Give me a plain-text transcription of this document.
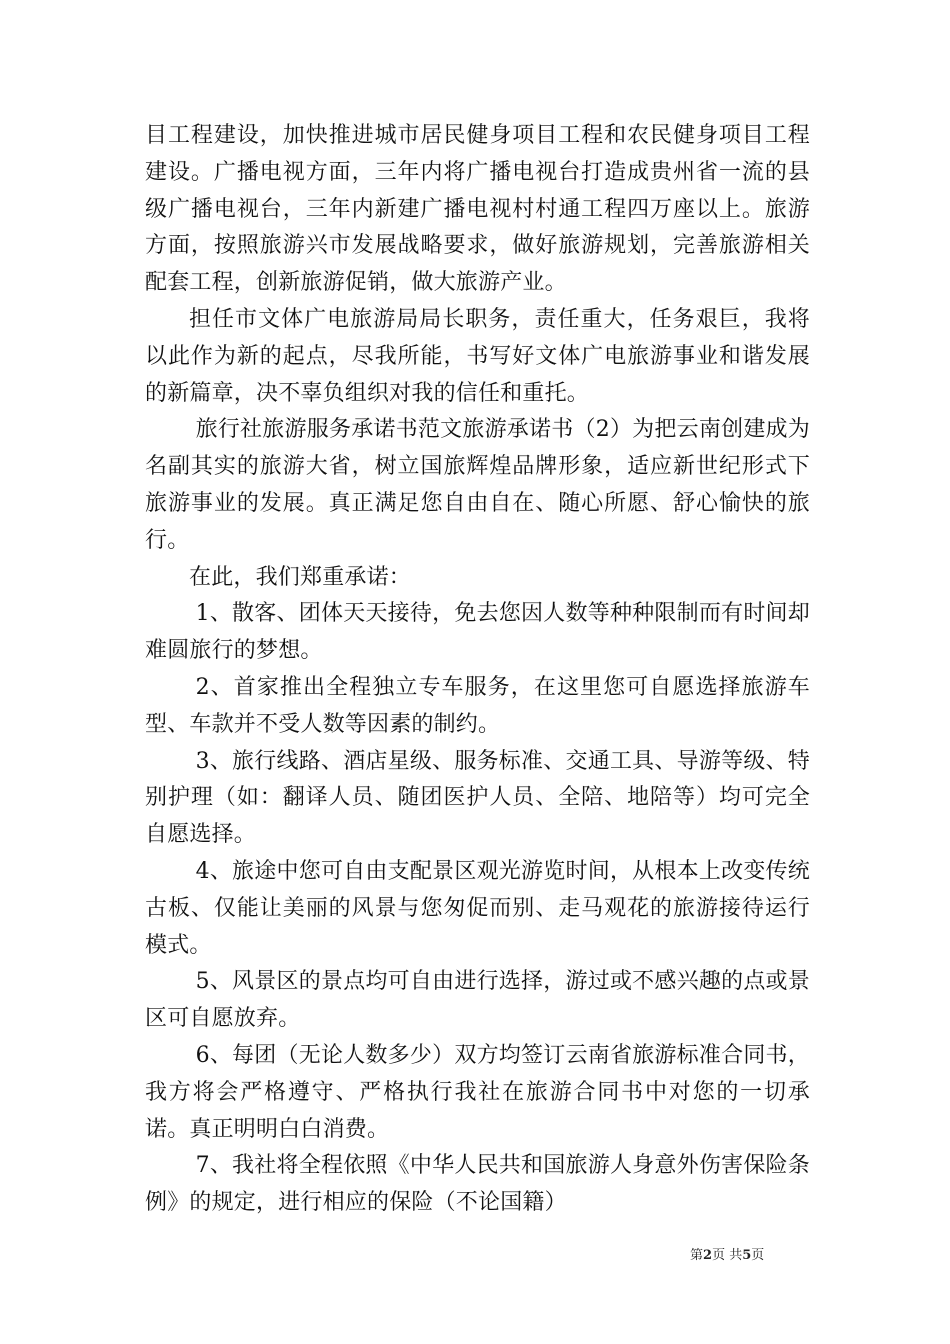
目工程建设，加快推进城市居民健身项目工程和农民健身项目工程建设。广播电视方面，三年内将广播电视台打造成贵州省一流的县级广播电视台，三年内新建广播电视村村通工程四万座以上。旅游方面，按照旅游兴市发展战略要求，做好旅游规划，完善旅游相关配套工程，创新旅游促销，做大旅游产业。

担任市文体广电旅游局局长职务，责任重大，任务艰巨，我将以此作为新的起点，尽我所能，书写好文体广电旅游事业和谐发展的新篇章，决不辜负组织对我的信任和重托。

旅行社旅游服务承诺书范文旅游承诺书（2）为把云南创建成为名副其实的旅游大省，树立国旅辉煌品牌形象，适应新世纪形式下旅游事业的发展。真正满足您自由自在、随心所愿、舒心愉快的旅行。

在此，我们郑重承诺：

1、散客、团体天天接待，免去您因人数等种种限制而有时间却难圆旅行的梦想。

2、首家推出全程独立专车服务，在这里您可自愿选择旅游车型、车款并不受人数等因素的制约。

3、旅行线路、酒店星级、服务标准、交通工具、导游等级、特别护理（如：翻译人员、随团医护人员、全陪、地陪等）均可完全自愿选择。

4、旅途中您可自由支配景区观光游览时间，从根本上改变传统古板、仅能让美丽的风景与您匆促而别、走马观花的旅游接待运行模式。

5、风景区的景点均可自由进行选择，游过或不感兴趣的点或景区可自愿放弃。

6、每团（无论人数多少）双方均签订云南省旅游标准合同书，我方将会严格遵守、严格执行我社在旅游合同书中对您的一切承诺。真正明明白白消费。

7、我社将全程依照《中华人民共和国旅游人身意外伤害保险条例》的规定，进行相应的保险（不论国籍）

第2页 共5页
